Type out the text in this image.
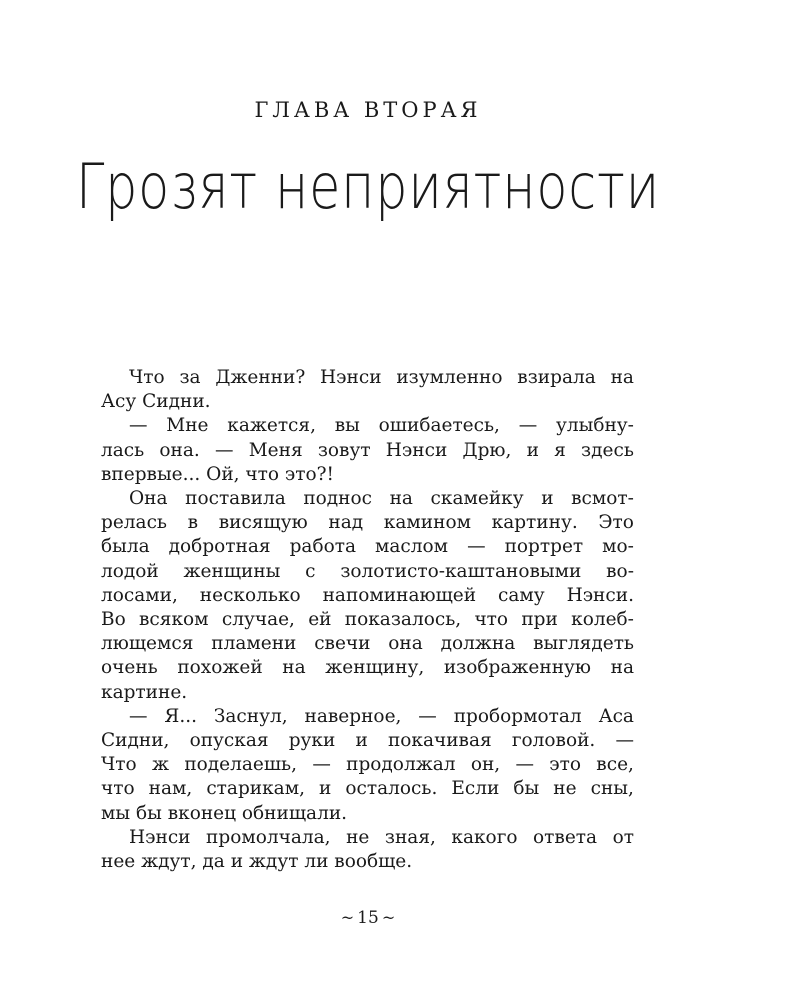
ГЛАВА ВТОРАЯ
Грозят неприятности
Что за Дженни? Нэнси изумленно взирала на
Асу Сидни.
— Мне кажется, вы ошибаетесь, — улыбну-
лась она. — Меня зовут Нэнси Дрю, и я здесь
впервые... Ой, что это?!
Она поставила поднос на скамейку и всмот-
релась в висящую над камином картину. Это
была добротная работа маслом — портрет мо-
лодой женщины с золотисто-каштановыми во-
лосами, несколько напоминающей саму Нэнси.
Во всяком случае, ей показалось, что при колеб-
лющемся пламени свечи она должна выглядеть
очень похожей на женщину, изображенную на
картине.
— Я... Заснул, наверное, — пробормотал Аса
Сидни, опуская руки и покачивая головой. —
Что ж поделаешь, — продолжал он, — это все,
что нам, старикам, и осталось. Если бы не сны,
мы бы вконец обнищали.
Нэнси промолчала, не зная, какого ответа от
нее ждут, да и ждут ли вообще.
~ 15 ~
